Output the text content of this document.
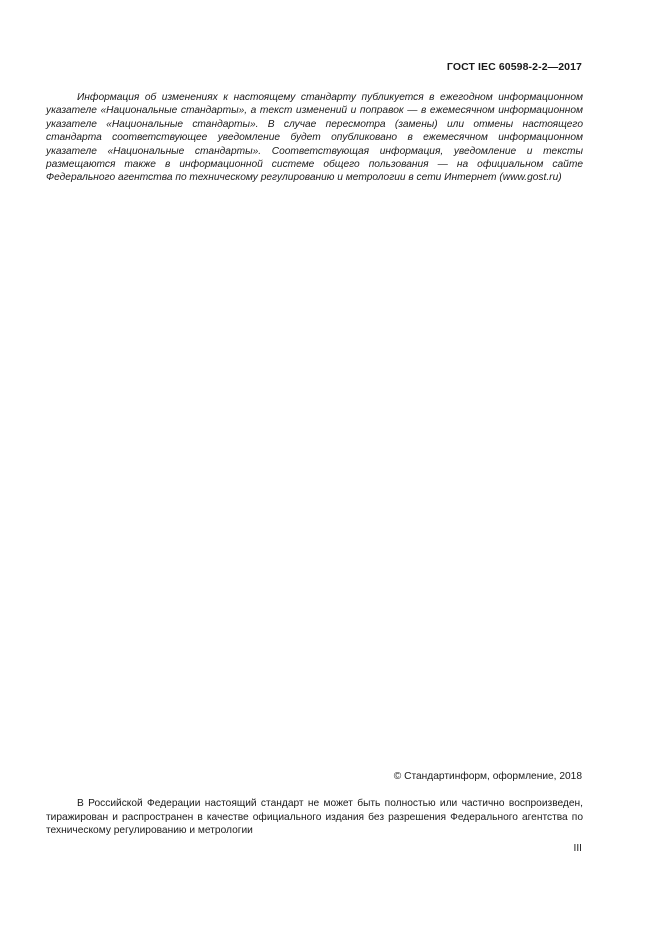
ГОСТ IEC 60598-2-2—2017

Информация об изменениях к настоящему стандарту публикуется в ежегодном информационном указателе «Национальные стандарты», а текст изменений и поправок — в ежемесячном информационном указателе «Национальные стандарты». В случае пересмотра (замены) или отмены настоящего стандарта соответствующее уведомление будет опубликовано в ежемесячном информационном указателе «Национальные стандарты». Соответствующая информация, уведомление и тексты размещаются также в информационной системе общего пользования — на официальном сайте Федерального агентства по техническому регулированию и метрологии в сети Интернет (www.gost.ru)

© Стандартинформ, оформление, 2018

В Российской Федерации настоящий стандарт не может быть полностью или частично воспроизведен, тиражирован и распространен в качестве официального издания без разрешения Федерального агентства по техническому регулированию и метрологии

III
